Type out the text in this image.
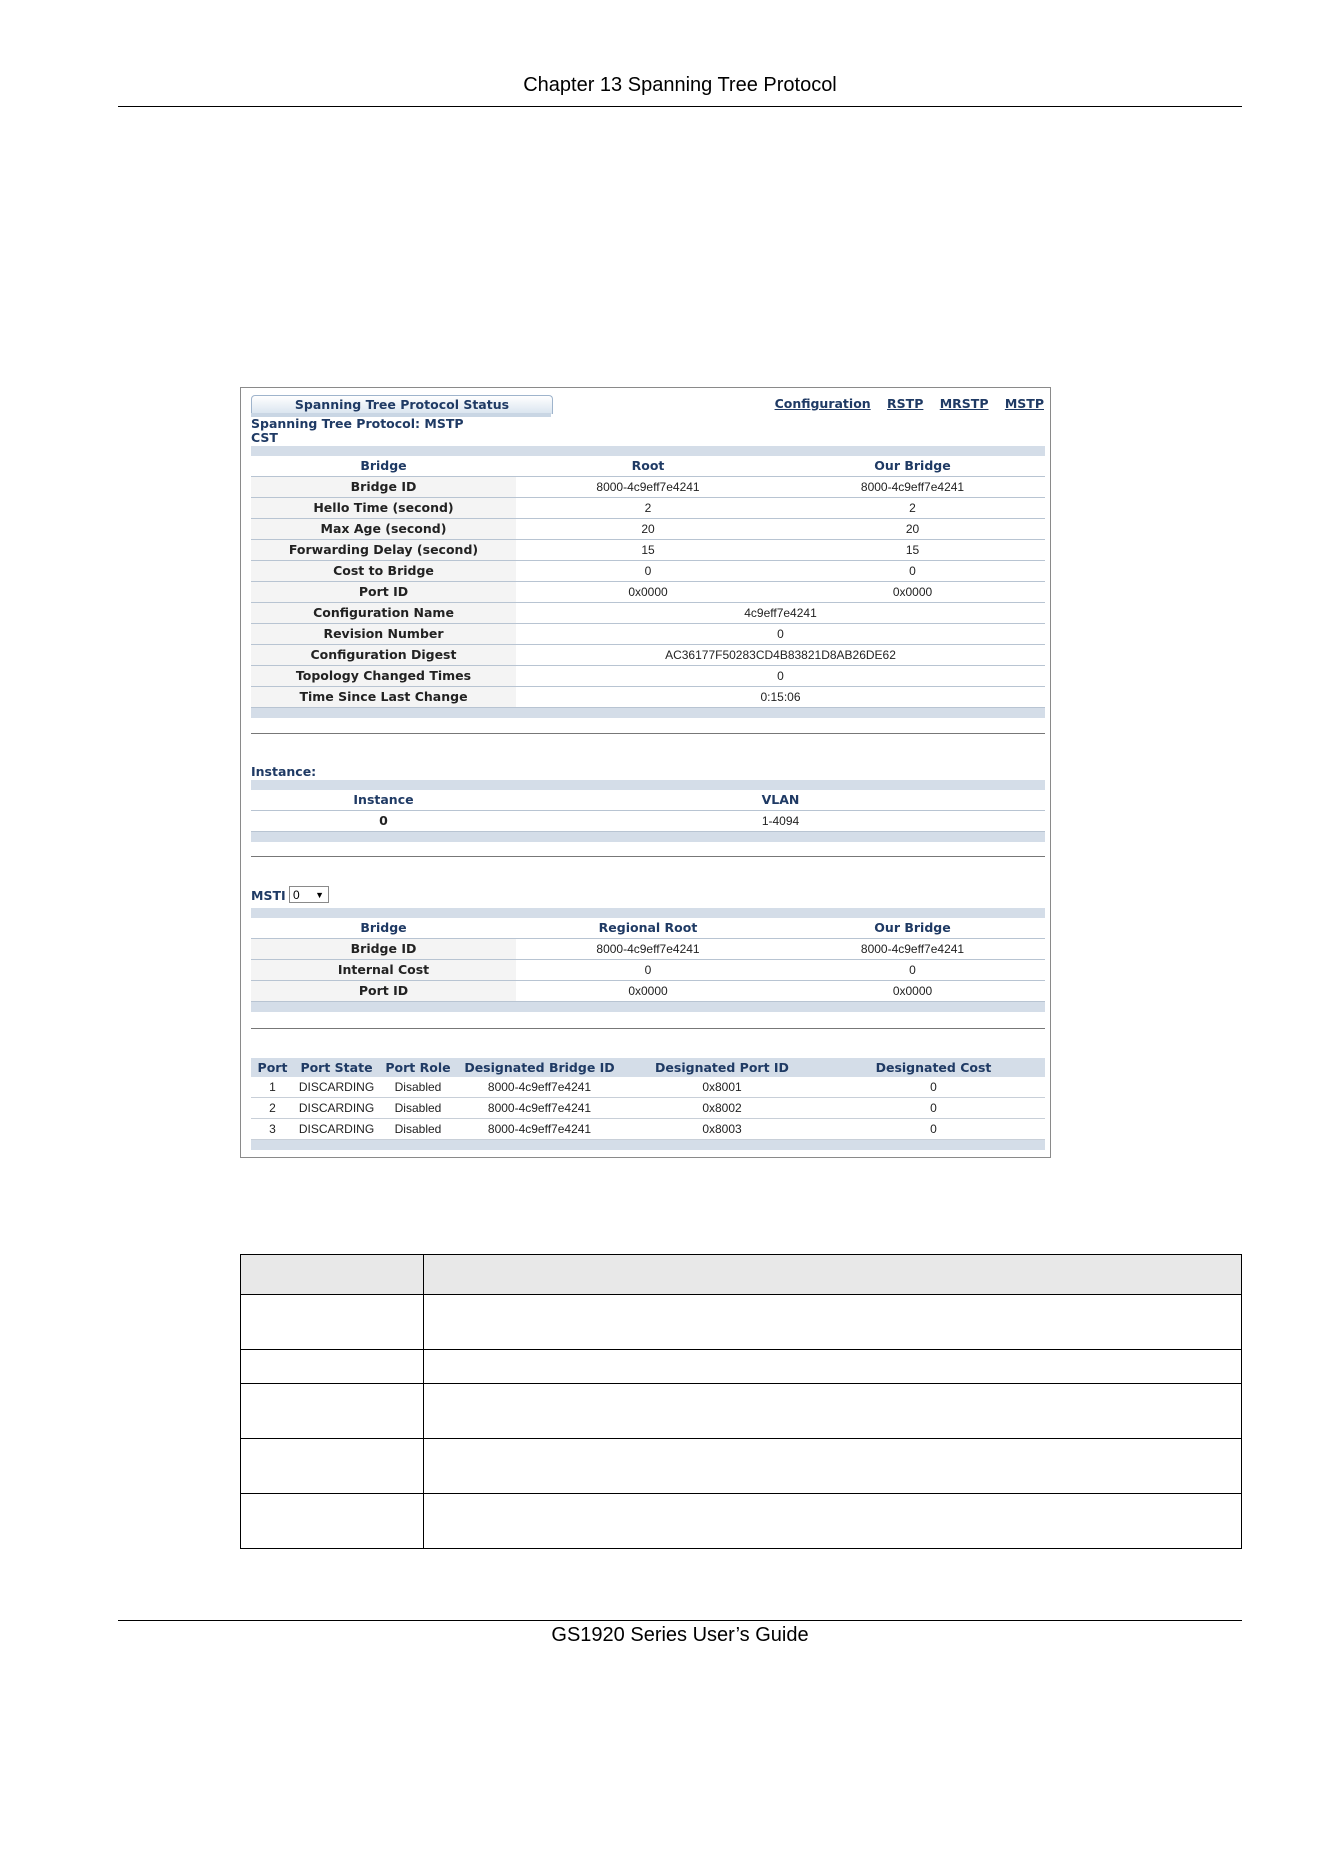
Chapter 13 Spanning Tree Protocol
Spanning Tree Protocol Status	Configuration RSTP MRSTP MSTP
Spanning Tree Protocol: MSTP
CST

Bridge	Root	Our Bridge
Bridge ID	8000-4c9eff7e4241	8000-4c9eff7e4241
Hello Time (second)	2	2
Max Age (second)	20	20
Forwarding Delay (second)	15	15
Cost to Bridge	0	0
Port ID	0x0000	0x0000
Configuration Name	4c9eff7e4241	
Revision Number	0	
Configuration Digest	AC36177F50283CD4B83821D8AB26DE62	
Topology Changed Times	0	
Time Since Last Change	0:15:06	

Instance:

Instance	VLAN
0	1-4094

MSTI 0 ▼

Bridge	Regional Root	Our Bridge
Bridge ID	8000-4c9eff7e4241	8000-4c9eff7e4241
Internal Cost	0	0
Port ID	0x0000	0x0000

Port	Port State	Port Role	Designated Bridge ID	Designated Port ID	Designated Cost
1	DISCARDING	Disabled	8000-4c9eff7e4241	0x8001	0
2	DISCARDING	Disabled	8000-4c9eff7e4241	0x8002	0
3	DISCARDING	Disabled	8000-4c9eff7e4241	0x8003	0

GS1920 Series User’s Guide
